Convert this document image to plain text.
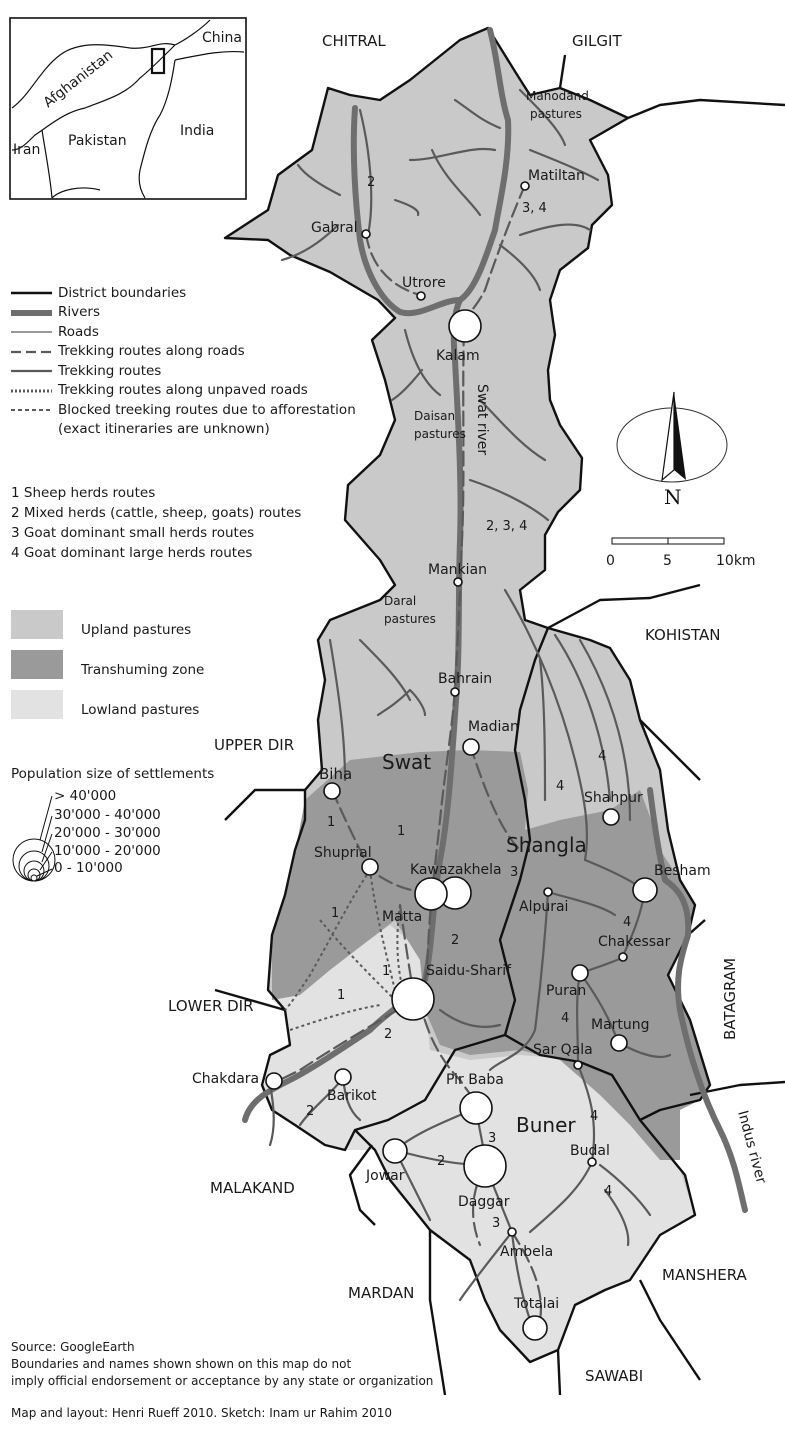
CHITRAL	GILGIT
KOHISTAN
UPPER DIR
LOWER DIR
MALAKAND
MARDAN
MANSHERA
SAWABI
BATAGRAM
Swat
Shangla
Buner
Swat river
Indus river
Mahodand
pastures
Daisan
pastures
Daral
pastures
Matiltan
Gabral
Utrore
Kalam
Mankian
Bahrain
Madian
Biha
Shuprial
Kawazakhela
Matta
Saidu-Sharif
Chakdara
Barikot
Shahpur
Besham
Alpurai
Chakessar
Puran
Martung
Sar Qala
Pir Baba
Jowar
Daggar
Budal
Ambela
Totalai
2
3, 4
2, 3, 4
1
1
1
1
1
2
2
2
2
3
3
3
4
4
4
4
4
4
China
Afghanistan
Pakistan
India
Iran
District boundaries
Rivers
Roads
Trekking routes along roads
Trekking routes
Trekking routes along unpaved roads
Blocked treeking routes due to afforestation
(exact itineraries are unknown)
1 Sheep herds routes
2 Mixed herds (cattle, sheep, goats) routes
3 Goat dominant small herds routes
4 Goat dominant large herds routes
Upland pastures
Transhuming zone
Lowland pastures
Population size of settlements
> 40'000
30'000 - 40'000
20'000 - 30'000
10'000 - 20'000
0 - 10'000
N
0	5	10km
Source: GoogleEarth
Boundaries and names shown shown on this map do not
imply official endorsement or acceptance by any state or organization
Map and layout: Henri Rueff 2010. Sketch: Inam ur Rahim 2010
